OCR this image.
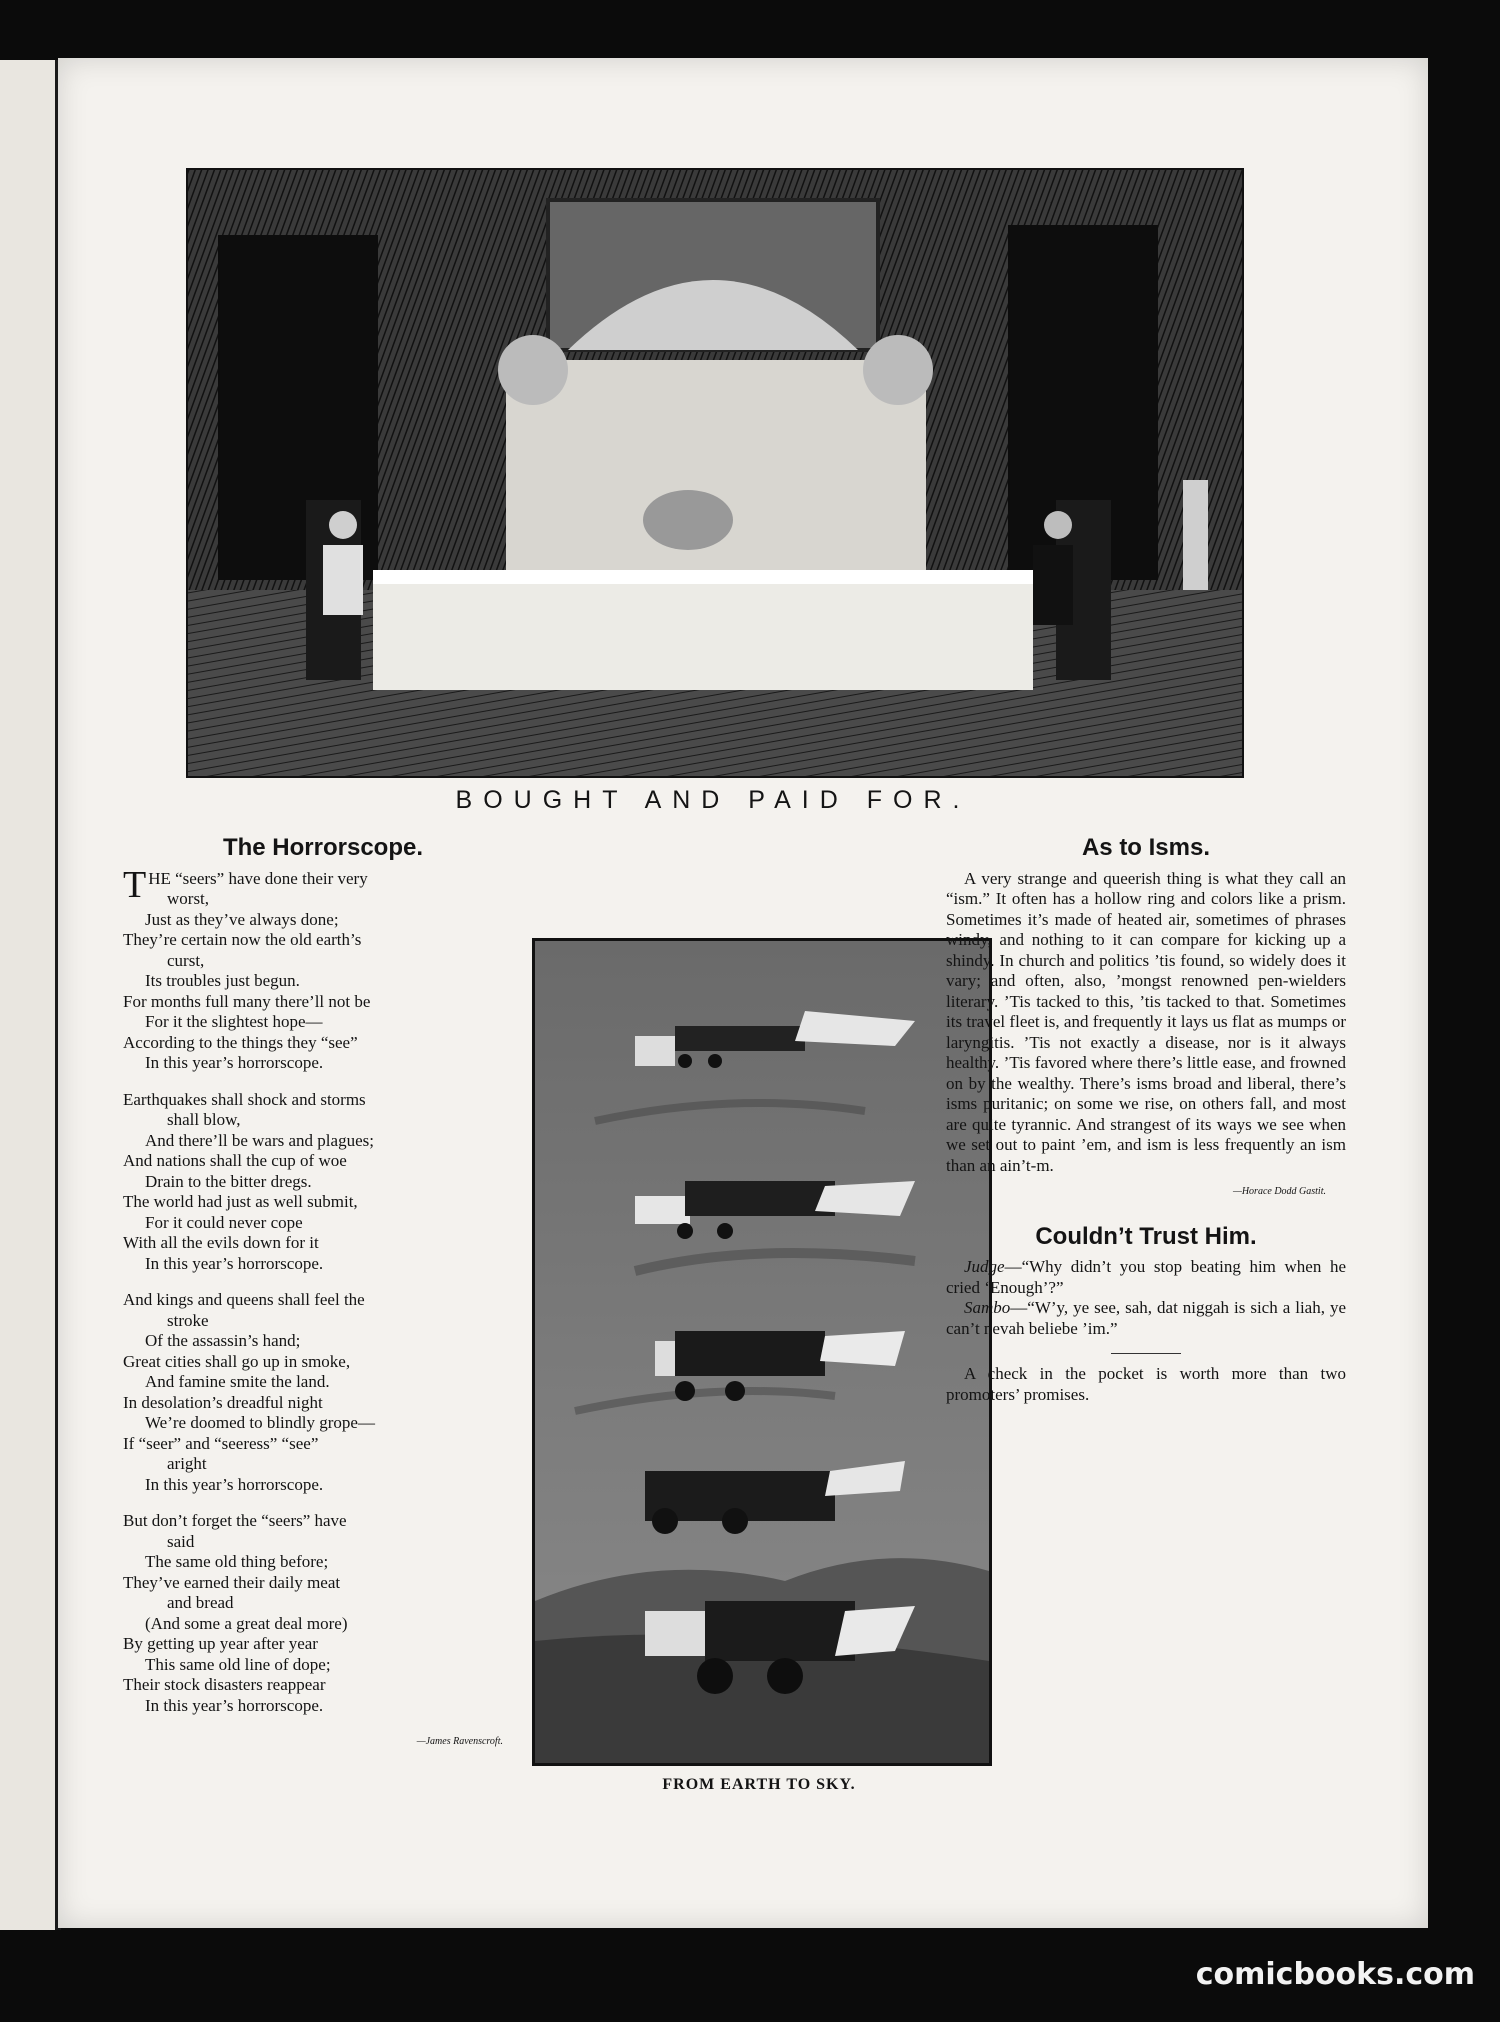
BOUGHT AND PAID FOR.
The Horrorscope.
THE “seers” have done their very
worst,
Just as they’ve always done;
They’re certain now the old earth’s
curst,
Its troubles just begun.
For months full many there’ll not be
For it the slightest hope—
According to the things they “see”
In this year’s horrorscope.
Earthquakes shall shock and storms
shall blow,
And there’ll be wars and plagues;
And nations shall the cup of woe
Drain to the bitter dregs.
The world had just as well submit,
For it could never cope
With all the evils down for it
In this year’s horrorscope.
And kings and queens shall feel the
stroke
Of the assassin’s hand;
Great cities shall go up in smoke,
And famine smite the land.
In desolation’s dreadful night
We’re doomed to blindly grope—
If “seer” and “seeress” “see”
aright
In this year’s horrorscope.
But don’t forget the “seers” have
said
The same old thing before;
They’ve earned their daily meat
and bread
(And some a great deal more)
By getting up year after year
This same old line of dope;
Their stock disasters reappear
In this year’s horrorscope.
—James Ravenscroft.
FROM EARTH TO SKY.
As to Isms.

A very strange and queerish thing is what they call an “ism.” It often has a hollow ring and colors like a prism. Sometimes it’s made of heated air, sometimes of phrases windy, and nothing to it can compare for kicking up a shindy. In church and politics ’tis found, so widely does it vary; and often, also, ’mongst renowned pen-wielders literary. ’Tis tacked to this, ’tis tacked to that. Sometimes its travel fleet is, and frequently it lays us flat as mumps or laryngitis. ’Tis not exactly a disease, nor is it always healthy. ’Tis favored where there’s little ease, and frowned on by the wealthy. There’s isms broad and liberal, there’s isms puritanic; on some we rise, on others fall, and most are quite tyrannic. And strangest of its ways we see when we set out to paint ’em, and ism is less frequently an ism than an ain’t-m.

—Horace Dodd Gastit.
Couldn’t Trust Him.

Judge—“Why didn’t you stop beating him when he cried ‘Enough’?”

Sambo—“W’y, ye see, sah, dat niggah is sich a liah, ye can’t nevah beliebe ’im.”

A check in the pocket is worth more than two promoters’ promises.

comicbooks.com
